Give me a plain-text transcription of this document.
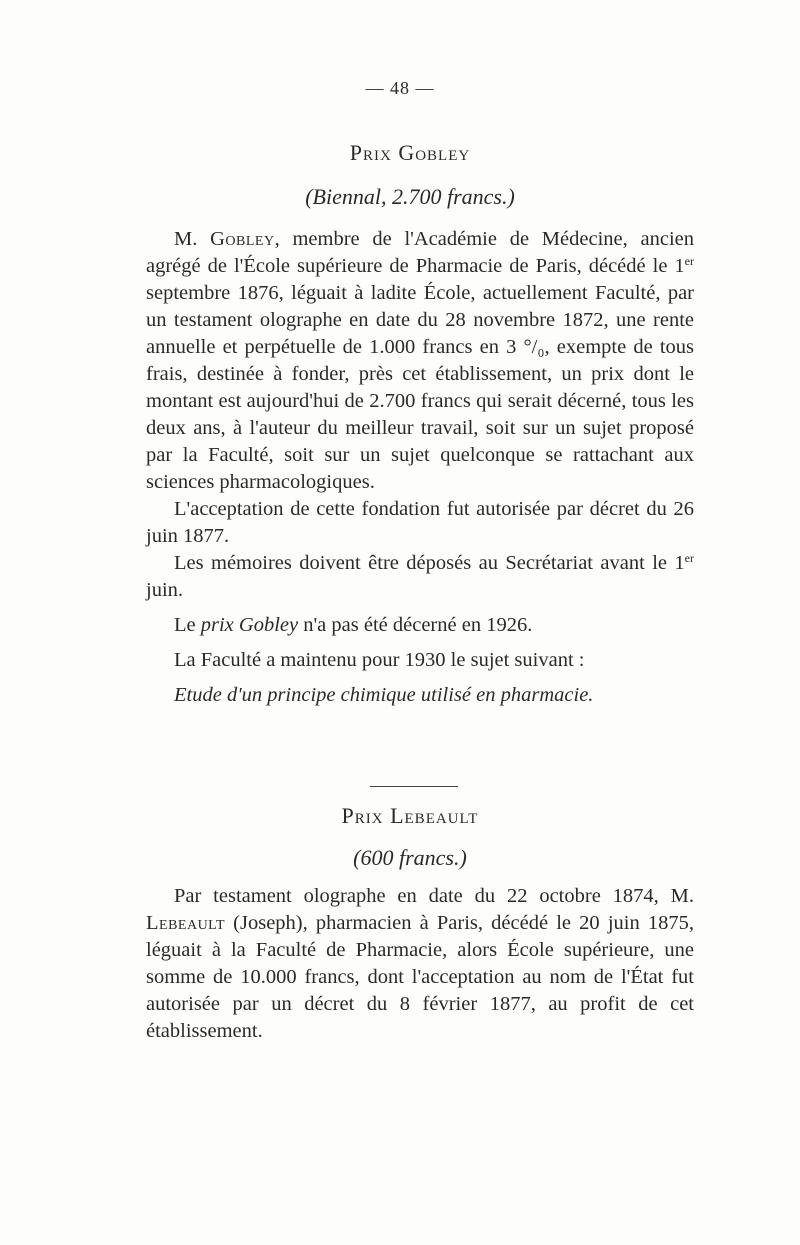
— 48 —
Prix Gobley
(Biennal, 2.700 francs.)

M. Gobley, membre de l'Académie de Médecine, ancien agrégé de l'École supérieure de Pharmacie de Paris, décédé le 1er septembre 1876, léguait à ladite École, actuellement Faculté, par un testament olographe en date du 28 novembre 1872, une rente annuelle et perpétuelle de 1.000 francs en 3 °/₀, exempte de tous frais, destinée à fonder, près cet établissement, un prix dont le montant est aujourd'hui de 2.700 francs qui serait décerné, tous les deux ans, à l'auteur du meilleur travail, soit sur un sujet proposé par la Faculté, soit sur un sujet quelconque se rattachant aux sciences pharmacologiques.

L'acceptation de cette fondation fut autorisée par décret du 26 juin 1877.

Les mémoires doivent être déposés au Secrétariat avant le 1er juin.

Le prix Gobley n'a pas été décerné en 1926.

La Faculté a maintenu pour 1930 le sujet suivant :

Etude d'un principe chimique utilisé en pharmacie.

Prix Lebeault
(600 francs.)

Par testament olographe en date du 22 octobre 1874, M. Lebeault (Joseph), pharmacien à Paris, décédé le 20 juin 1875, léguait à la Faculté de Pharmacie, alors École supérieure, une somme de 10.000 francs, dont l'acceptation au nom de l'État fut autorisée par un décret du 8 février 1877, au profit de cet établissement.
